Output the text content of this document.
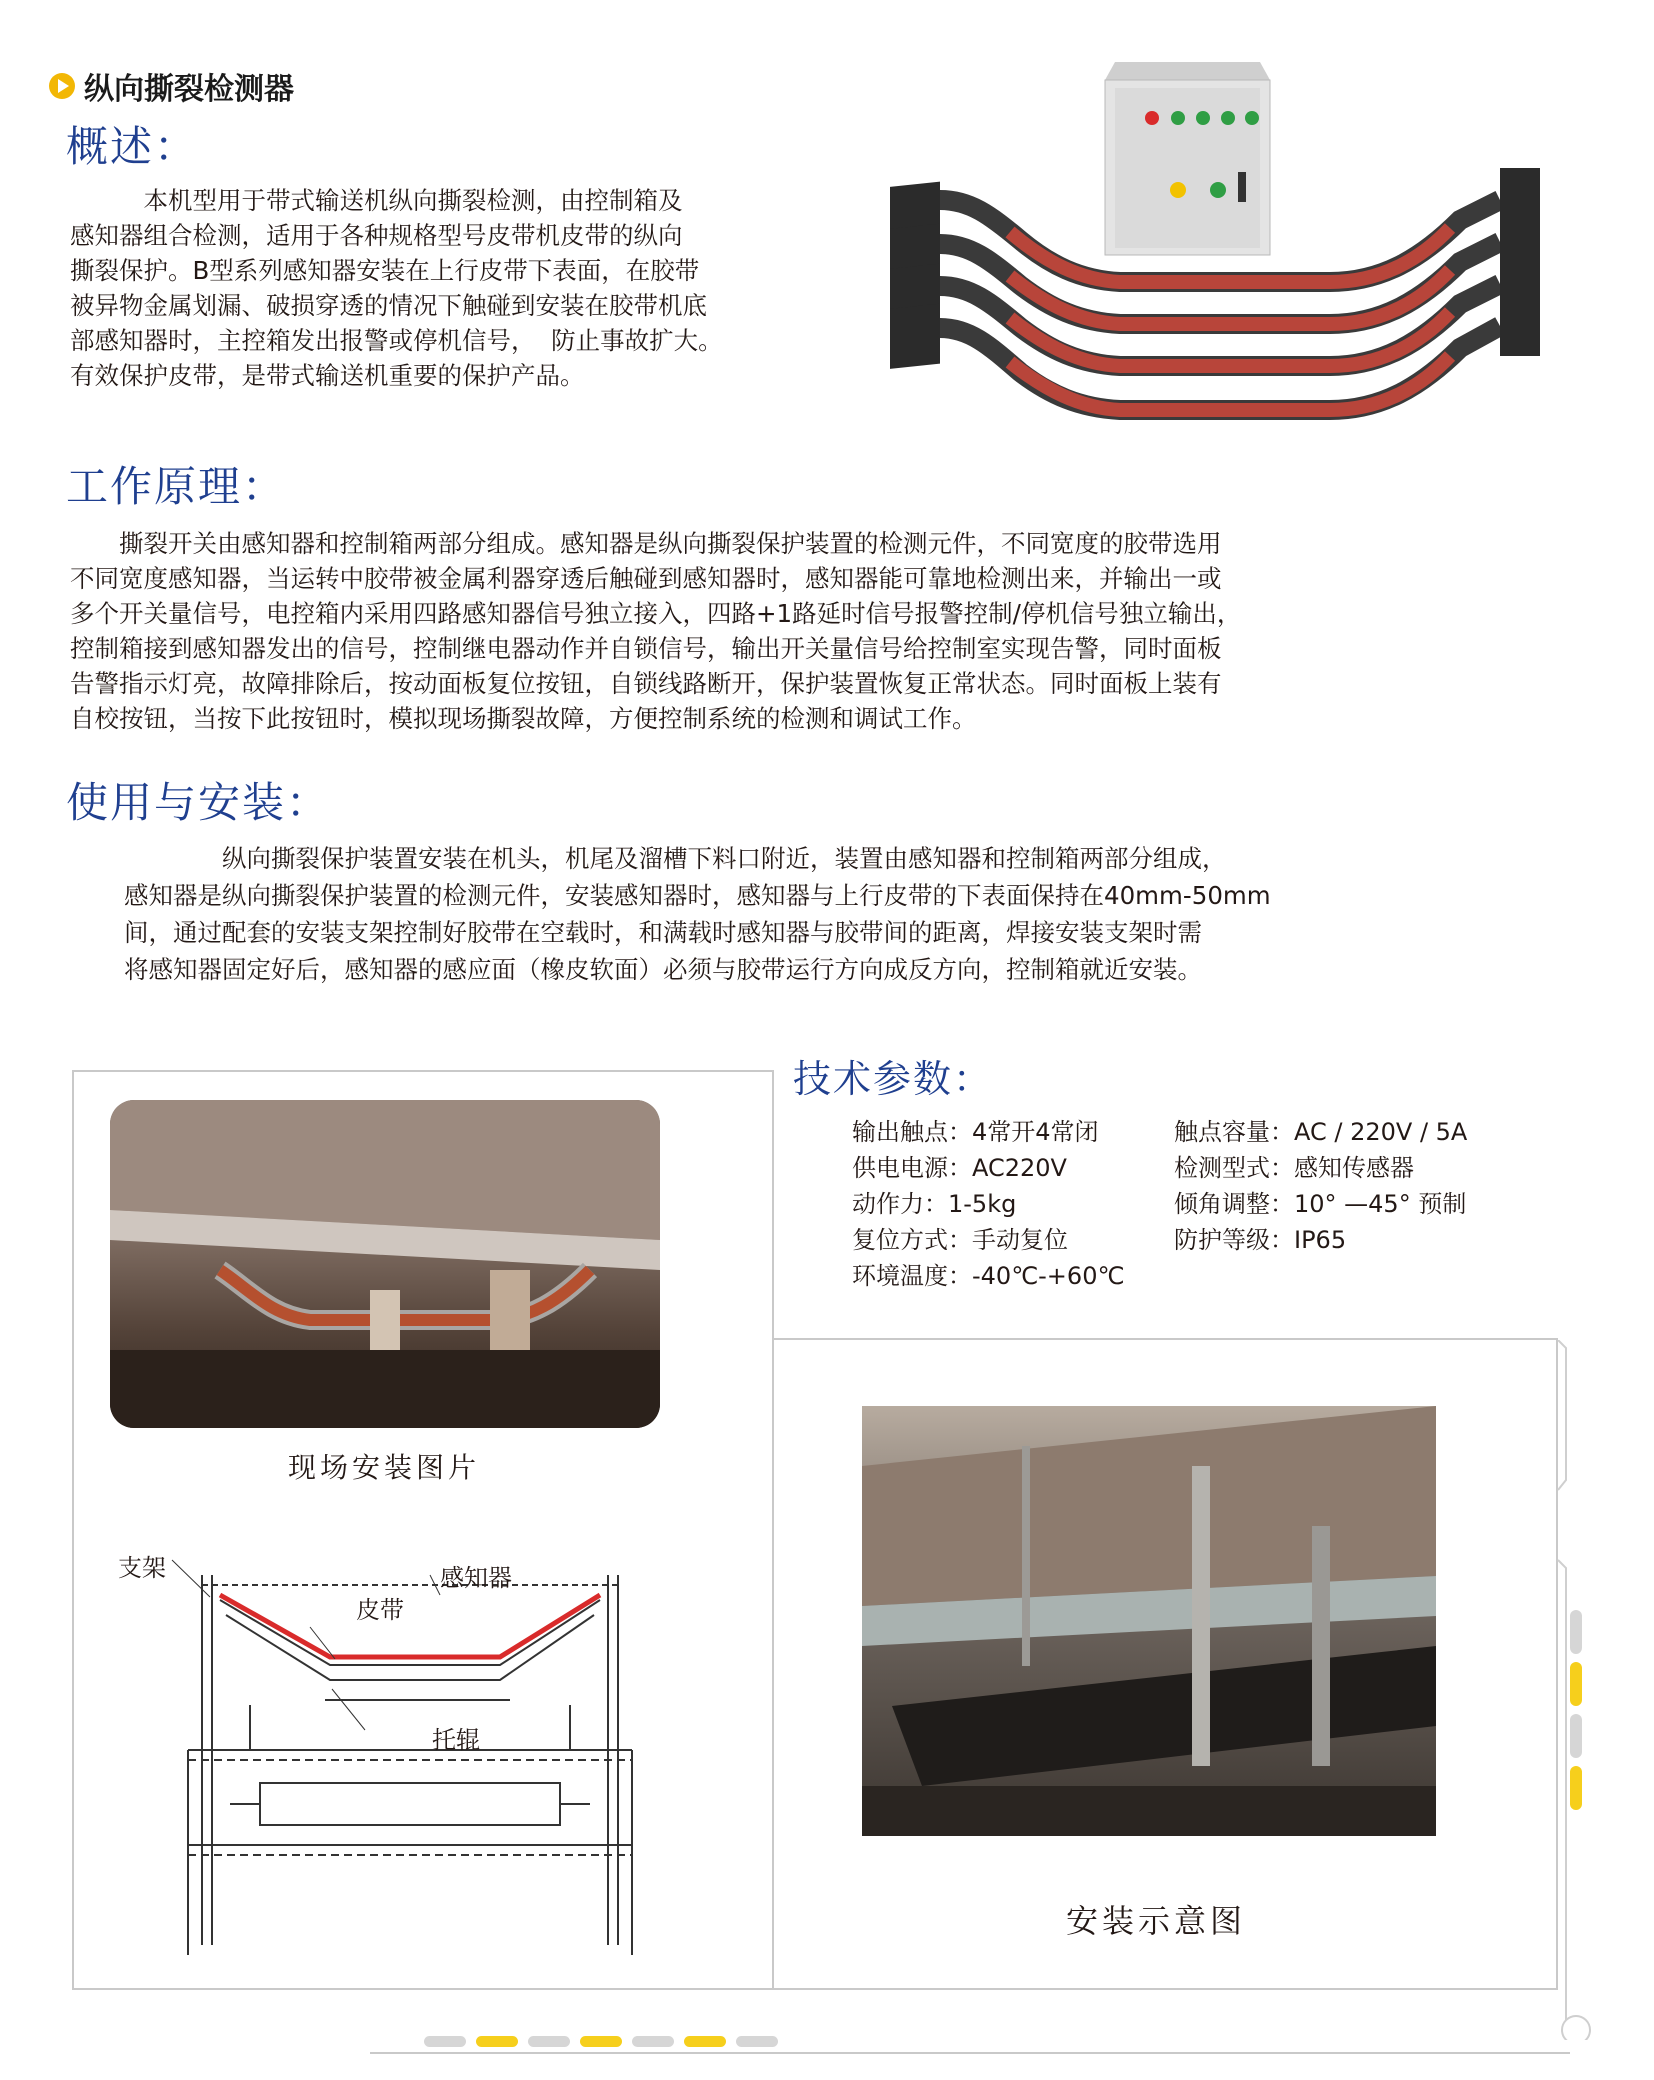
纵向撕裂检测器
概述：
　　　本机型用于带式输送机纵向撕裂检测，由控制箱及
感知器组合检测，适用于各种规格型号皮带机皮带的纵向
撕裂保护。B型系列感知器安装在上行皮带下表面，在胶带
被异物金属划漏、破损穿透的情况下触碰到安装在胶带机底
部感知器时，主控箱发出报警或停机信号，  防止事故扩大。
有效保护皮带，是带式输送机重要的保护产品。
工作原理：
　　撕裂开关由感知器和控制箱两部分组成。感知器是纵向撕裂保护装置的检测元件，不同宽度的胶带选用
不同宽度感知器，当运转中胶带被金属利器穿透后触碰到感知器时，感知器能可靠地检测出来，并输出一或
多个开关量信号，电控箱内采用四路感知器信号独立接入，四路+1路延时信号报警控制/停机信号独立输出，
控制箱接到感知器发出的信号，控制继电器动作并自锁信号，输出开关量信号给控制室实现告警，同时面板
告警指示灯亮，故障排除后，按动面板复位按钮，自锁线路断开，保护装置恢复正常状态。同时面板上装有
自校按钮，当按下此按钮时，模拟现场撕裂故障，方便控制系统的检测和调试工作。
使用与安装：
　　　　纵向撕裂保护装置安装在机头，机尾及溜槽下料口附近，装置由感知器和控制箱两部分组成，
感知器是纵向撕裂保护装置的检测元件，安装感知器时，感知器与上行皮带的下表面保持在40mm-50mm
间，通过配套的安装支架控制好胶带在空载时，和满载时感知器与胶带间的距离，焊接安装支架时需
将感知器固定好后，感知器的感应面（橡皮软面）必须与胶带运行方向成反方向，控制箱就近安装。
现场安装图片
支架
皮带
感知器
托辊
技术参数：
输出触点：4常开4常闭	触点容量：AC / 220V / 5A
供电电源：AC220V	检测型式：感知传感器
动作力：1-5kg	倾角调整：10° —45° 预制
复位方式：手动复位	防护等级：IP65
环境温度：-40℃-+60℃
安装示意图
